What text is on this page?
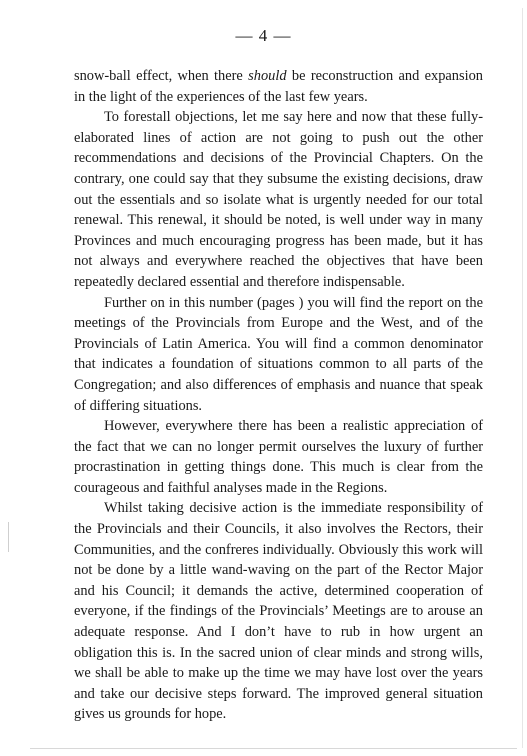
— 4 —

snow-ball effect, when there should be reconstruction and expansion in the light of the experiences of the last few years.

To forestall objections, let me say here and now that these fully-elaborated lines of action are not going to push out the other recommendations and decisions of the Provincial Chapters. On the contrary, one could say that they subsume the existing decisions, draw out the essentials and so isolate what is urgently needed for our total renewal. This renewal, it should be noted, is well under way in many Provinces and much encouraging progress has been made, but it has not always and everywhere reached the objectives that have been repeatedly declared essential and therefore indispensable.

Further on in this number (pages ) you will find the report on the meetings of the Provincials from Europe and the West, and of the Provincials of Latin America. You will find a common denominator that indicates a foundation of situations common to all parts of the Congregation; and also differences of emphasis and nuance that speak of differing situations.

However, everywhere there has been a realistic appreciation of the fact that we can no longer permit ourselves the luxury of further procrastination in getting things done. This much is clear from the courageous and faithful analyses made in the Regions.

Whilst taking decisive action is the immediate responsibility of the Provincials and their Councils, it also involves the Rectors, their Communities, and the confreres individually. Obviously this work will not be done by a little wand-waving on the part of the Rector Major and his Council; it demands the active, determined cooperation of everyone, if the findings of the Provincials’ Meetings are to arouse an adequate response. And I don’t have to rub in how urgent an obligation this is. In the sacred union of clear minds and strong wills, we shall be able to make up the time we may have lost over the years and take our decisive steps forward. The improved general situation gives us grounds for hope.
